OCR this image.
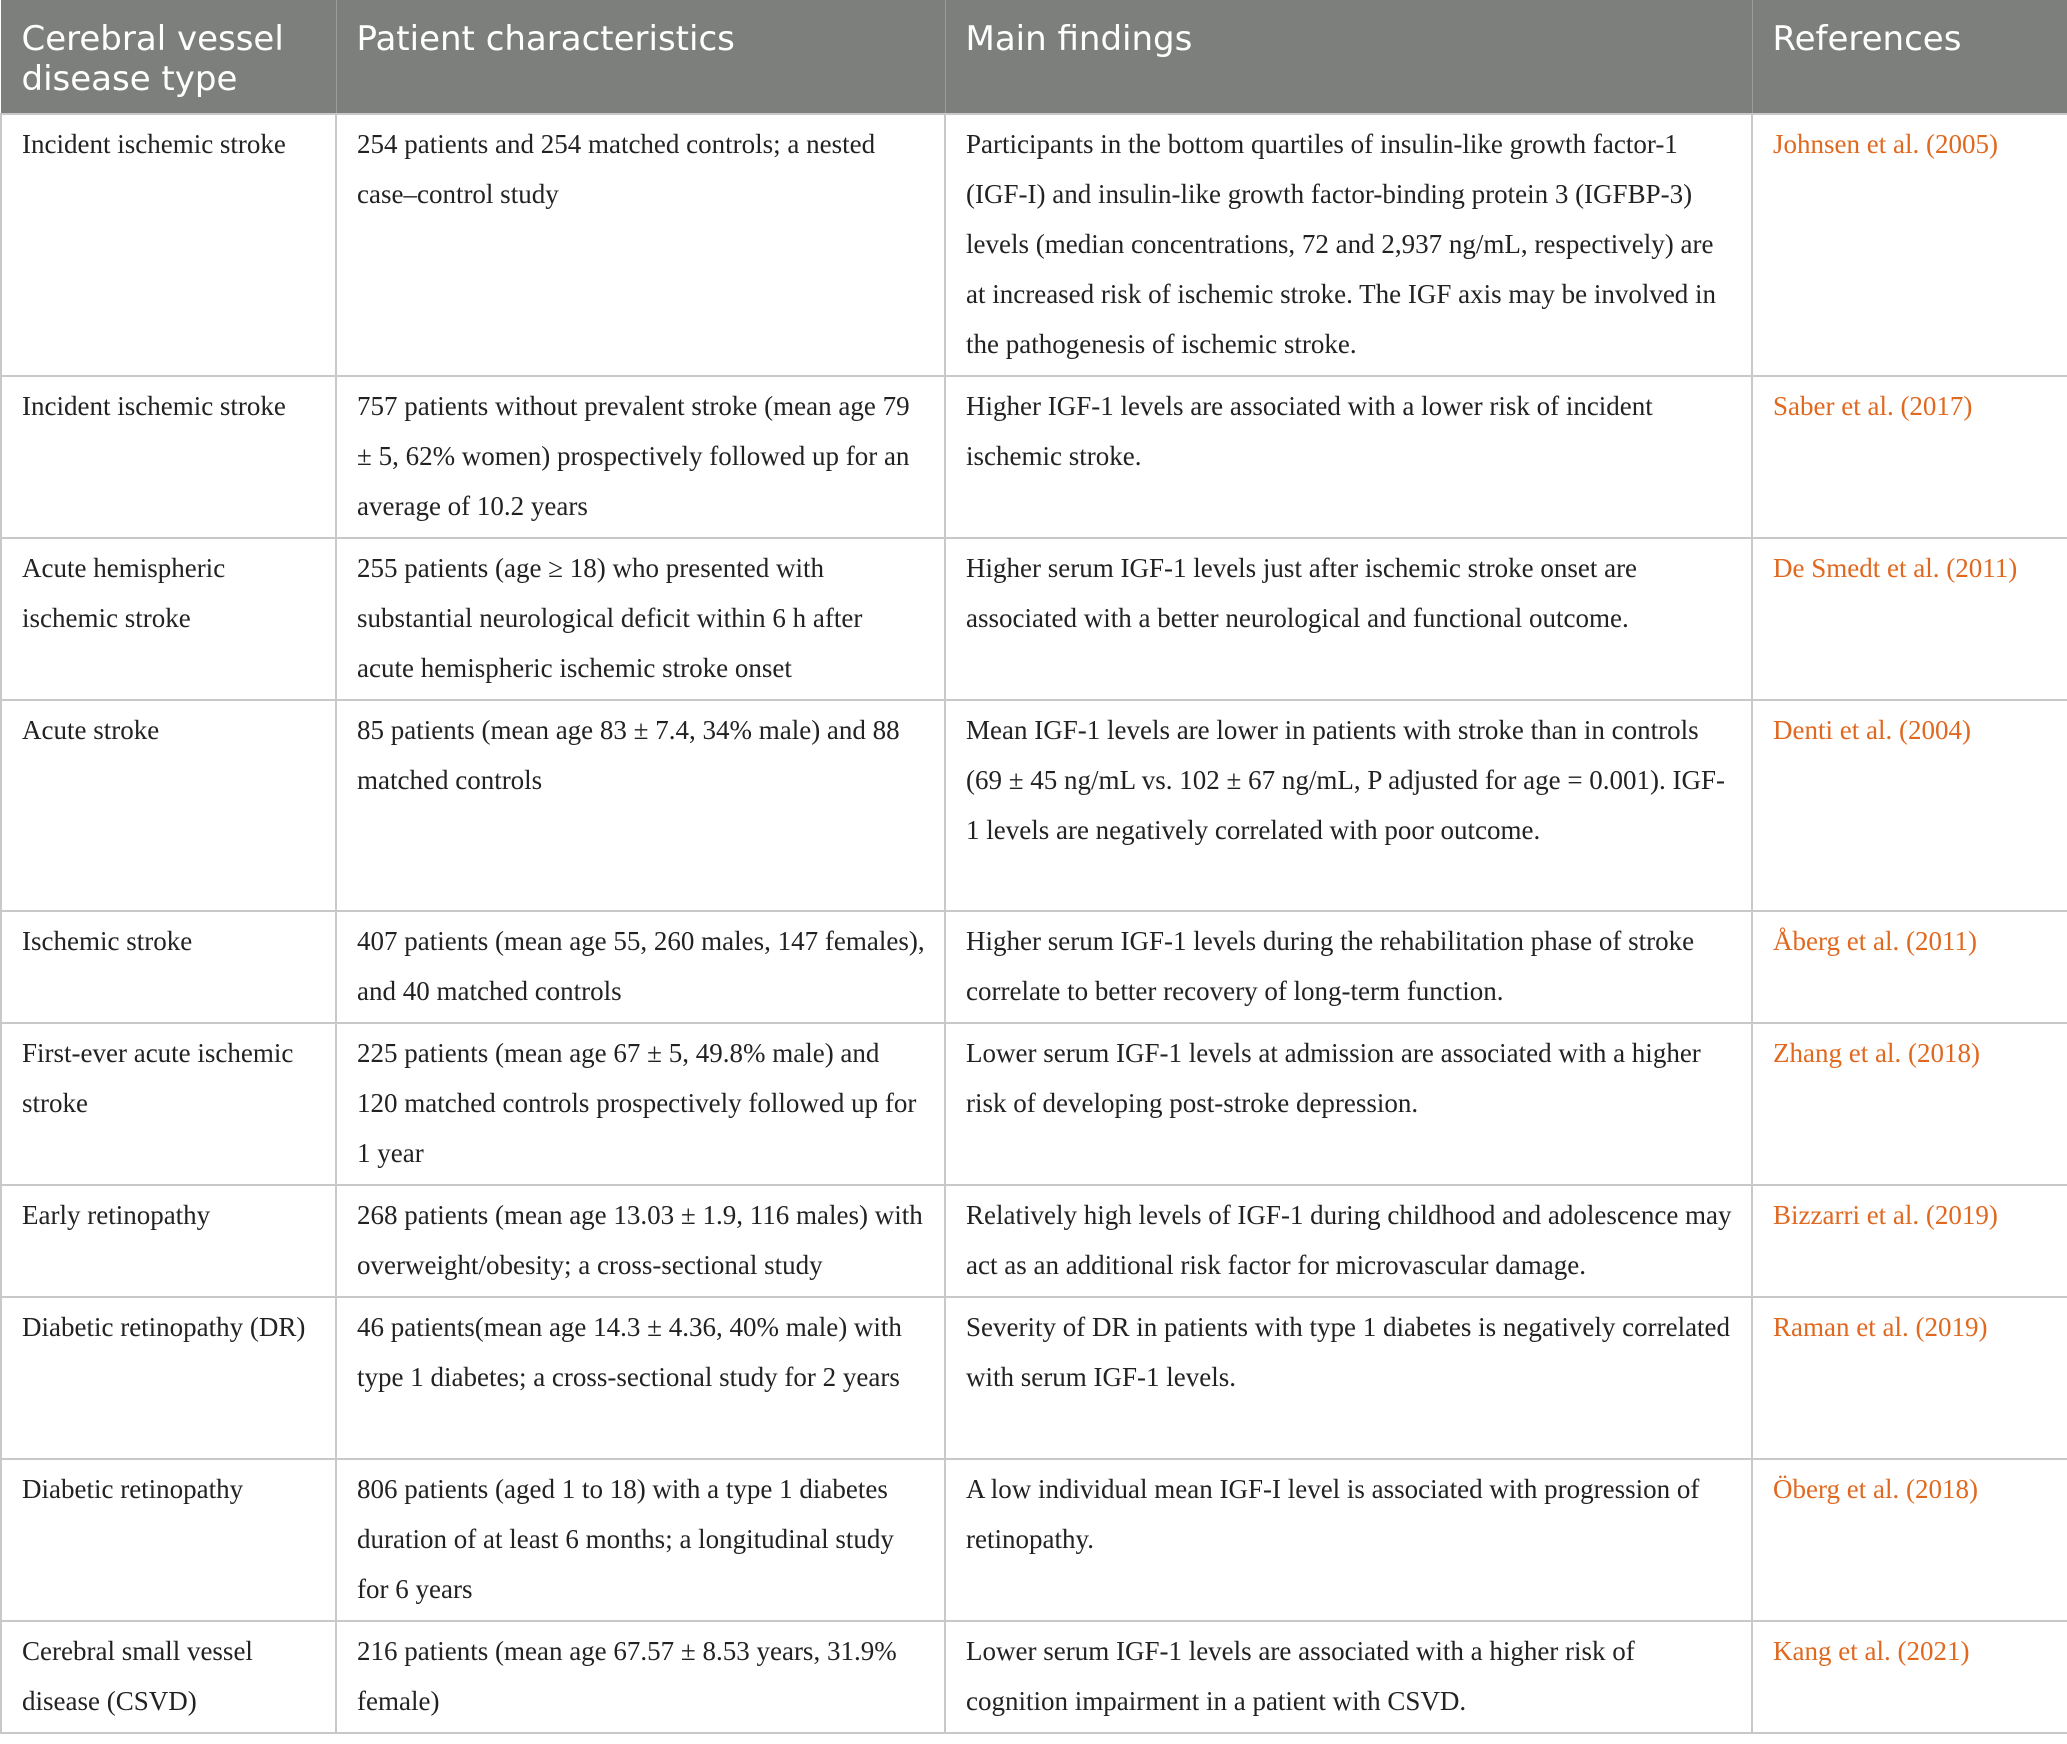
Cerebral vessel disease type	Patient characteristics	Main findings	References
Incident ischemic stroke	254 patients and 254 matched controls; a nested case–control study	Participants in the bottom quartiles of insulin-like growth factor-1 (IGF-I) and insulin-like growth factor-binding protein 3 (IGFBP-3) levels (median concentrations, 72 and 2,937 ng/mL, respectively) are at increased risk of ischemic stroke. The IGF axis may be involved in the pathogenesis of ischemic stroke.	Johnsen et al. (2005)
Incident ischemic stroke	757 patients without prevalent stroke (mean age 79 ± 5, 62% women) prospectively followed up for an average of 10.2 years	Higher IGF-1 levels are associated with a lower risk of incident ischemic stroke.	Saber et al. (2017)
Acute hemispheric ischemic stroke	255 patients (age ≥ 18) who presented with substantial neurological deficit within 6 h after acute hemispheric ischemic stroke onset	Higher serum IGF-1 levels just after ischemic stroke onset are associated with a better neurological and functional outcome.	De Smedt et al. (2011)
Acute stroke	85 patients (mean age 83 ± 7.4, 34% male) and 88 matched controls	Mean IGF-1 levels are lower in patients with stroke than in controls (69 ± 45 ng/mL vs. 102 ± 67 ng/mL, P adjusted for age = 0.001). IGF-1 levels are negatively correlated with poor outcome.	Denti et al. (2004)
Ischemic stroke	407 patients (mean age 55, 260 males, 147 females), and 40 matched controls	Higher serum IGF-1 levels during the rehabilitation phase of stroke correlate to better recovery of long-term function.	Åberg et al. (2011)
First-ever acute ischemic stroke	225 patients (mean age 67 ± 5, 49.8% male) and 120 matched controls prospectively followed up for 1 year	Lower serum IGF-1 levels at admission are associated with a higher risk of developing post-stroke depression.	Zhang et al. (2018)
Early retinopathy	268 patients (mean age 13.03 ± 1.9, 116 males) with overweight/obesity; a cross-sectional study	Relatively high levels of IGF-1 during childhood and adolescence may act as an additional risk factor for microvascular damage.	Bizzarri et al. (2019)
Diabetic retinopathy (DR)	46 patients(mean age 14.3 ± 4.36, 40% male) with type 1 diabetes; a cross-sectional study for 2 years	Severity of DR in patients with type 1 diabetes is negatively correlated with serum IGF-1 levels.	Raman et al. (2019)
Diabetic retinopathy	806 patients (aged 1 to 18) with a type 1 diabetes duration of at least 6 months; a longitudinal study for 6 years	A low individual mean IGF-I level is associated with progression of retinopathy.	Öberg et al. (2018)
Cerebral small vessel disease (CSVD)	216 patients (mean age 67.57 ± 8.53 years, 31.9% female)	Lower serum IGF-1 levels are associated with a higher risk of cognition impairment in a patient with CSVD.	Kang et al. (2021)
